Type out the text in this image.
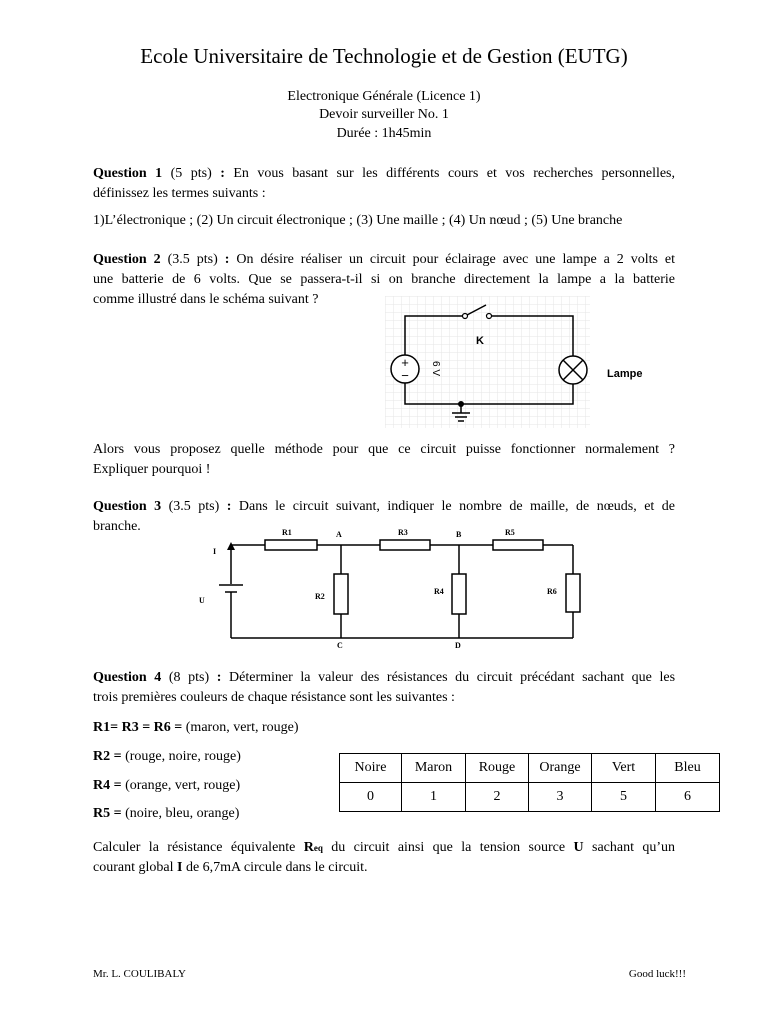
Ecole Universitaire de Technologie et de Gestion (EUTG)
Electronique Générale (Licence 1)
Devoir surveiller No. 1
Durée : 1h45min
Question 1 (5 pts) : En vous basant sur les différents cours et vos recherches personnelles,
définissez les termes suivants :
1)L’électronique ; (2) Un circuit électronique ; (3) Une maille ; (4) Un nœud ; (5) Une branche
Question 2 (3.5 pts) : On désire réaliser un circuit pour éclairage avec une lampe a 2 volts et
une batterie de 6 volts. Que se passera-t-il si on branche directement la lampe a la batterie
comme illustré dans le schéma suivant ?
+
− 6 V
K
Lampe
Alors vous proposez quelle méthode pour que ce circuit puisse fonctionner normalement ?
Expliquer pourquoi !
Question 3 (3.5 pts) : Dans le circuit suivant, indiquer le nombre de maille, de nœuds, et de
branche.
I
U
R1
R2
R3
R4
R5
R6
A	B
C	D
Question 4 (8 pts) : Déterminer la valeur des résistances du circuit précédant sachant que les
trois premières couleurs de chaque résistance sont les suivantes :
R1= R3 = R6 = (maron, vert, rouge)
R2 = (rouge, noire, rouge)
R4 = (orange, vert, rouge)
R5 = (noire, bleu, orange)
Noire	Maron	Rouge	Orange	Vert	Bleu
0	1	2	3	5	6
Calculer la résistance équivalente Req du circuit ainsi que la tension source U sachant qu’un
courant global I de 6,7mA circule dans le circuit.
Mr. L. COULIBALY	Good luck!!!
